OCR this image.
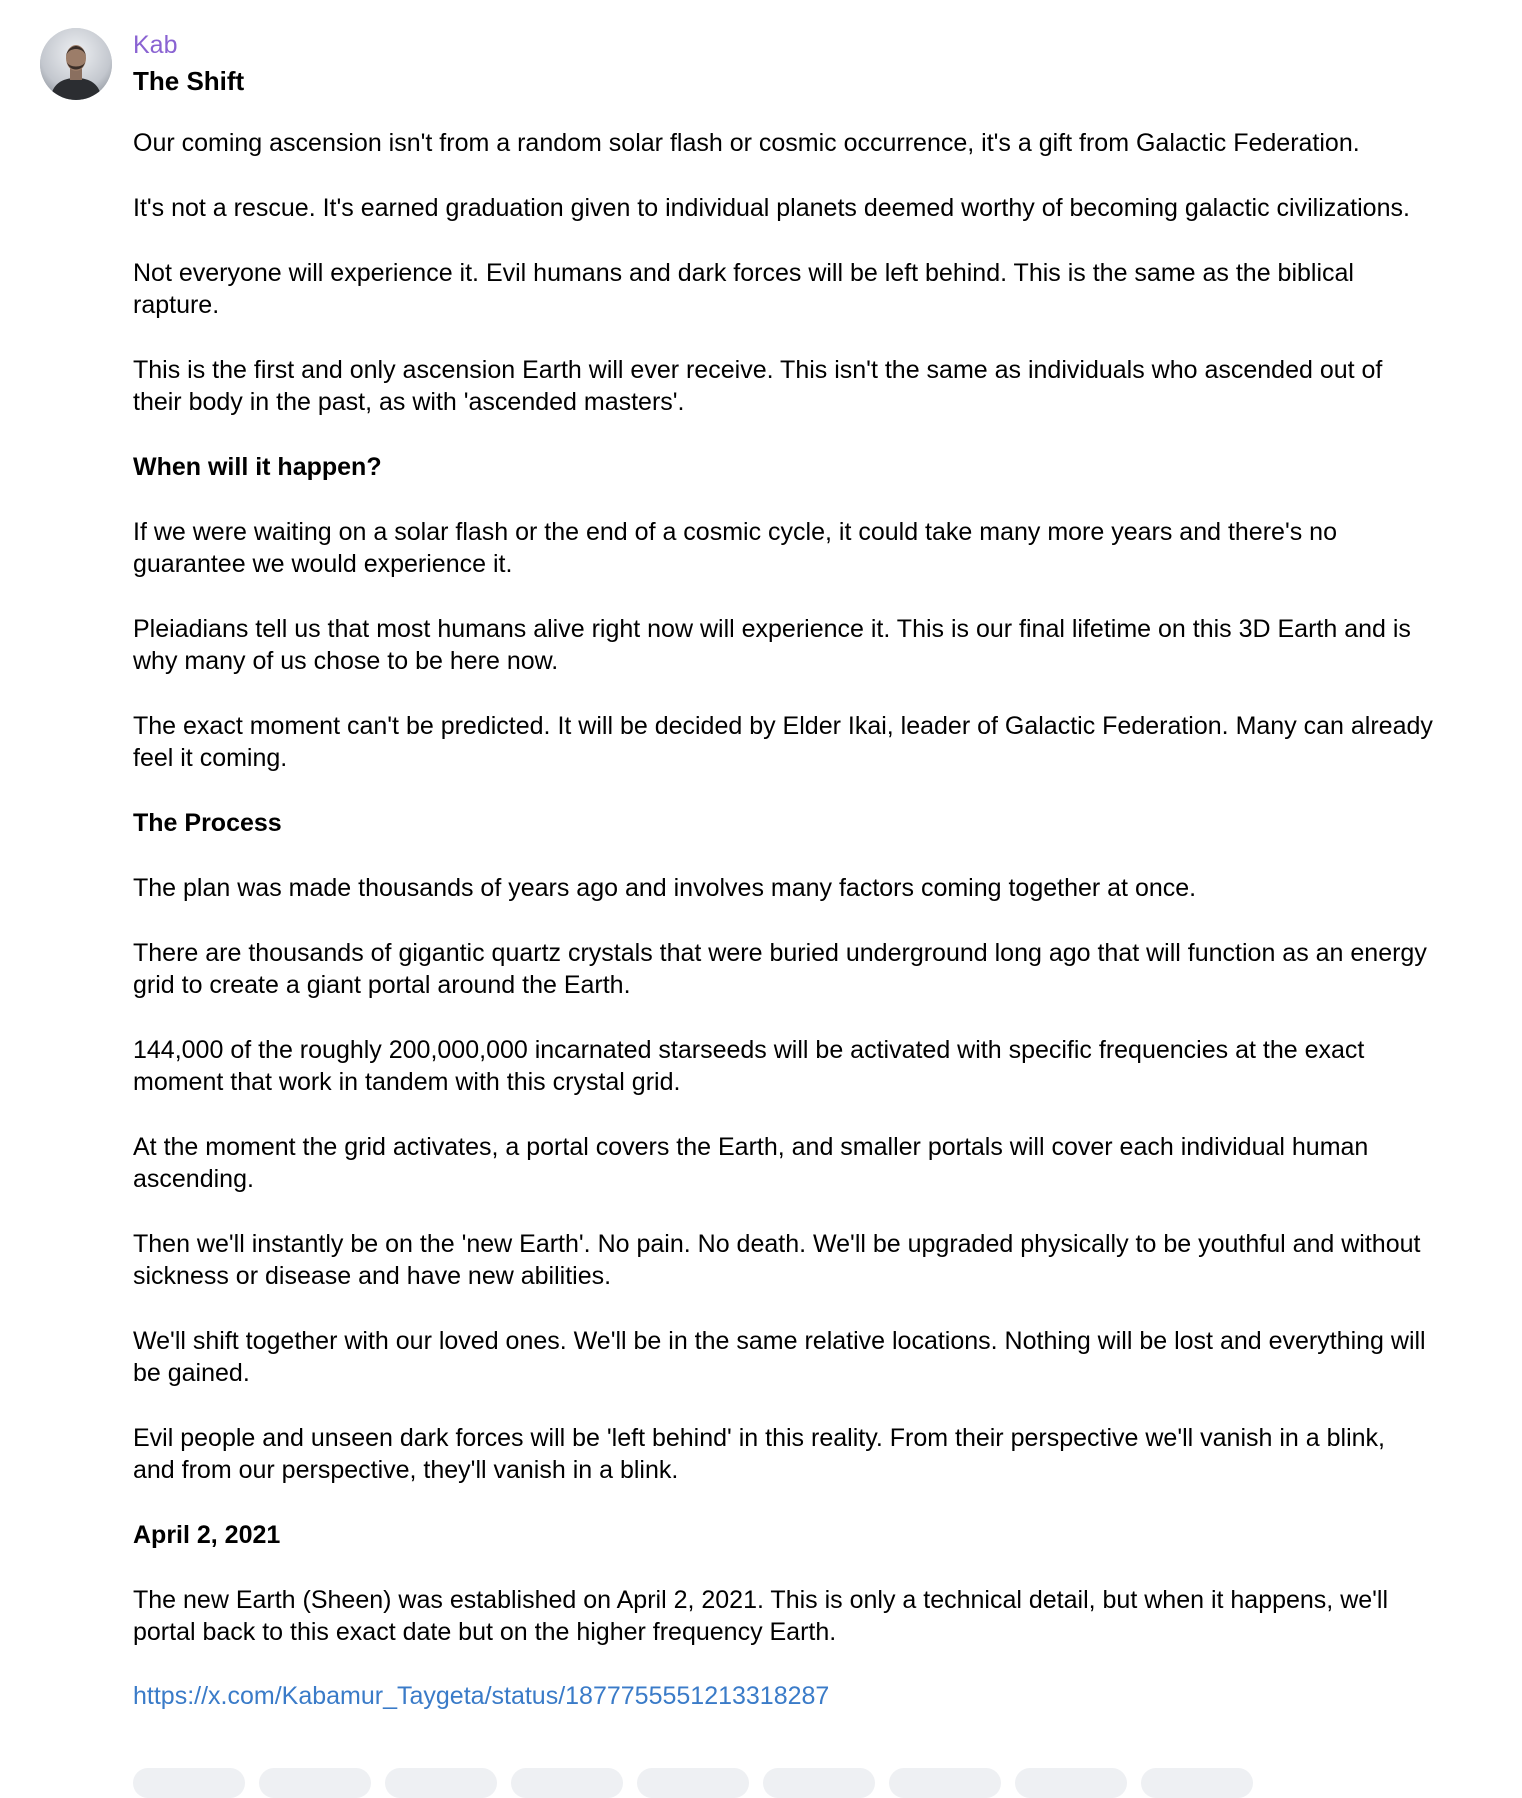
Kab
The Shift

Our coming ascension isn't from a random solar flash or cosmic occurrence, it's a gift from Galactic Federation.

It's not a rescue. It's earned graduation given to individual planets deemed worthy of becoming galactic civilizations.

Not everyone will experience it. Evil humans and dark forces will be left behind. This is the same as the biblical rapture.

This is the first and only ascension Earth will ever receive. This isn't the same as individuals who ascended out of their body in the past, as with 'ascended masters'.

When will it happen?

If we were waiting on a solar flash or the end of a cosmic cycle, it could take many more years and there's no guarantee we would experience it.

Pleiadians tell us that most humans alive right now will experience it. This is our final lifetime on this 3D Earth and is why many of us chose to be here now.

The exact moment can't be predicted. It will be decided by Elder Ikai, leader of Galactic Federation. Many can already feel it coming.

The Process

The plan was made thousands of years ago and involves many factors coming together at once.

There are thousands of gigantic quartz crystals that were buried underground long ago that will function as an energy grid to create a giant portal around the Earth.

144,000 of the roughly 200,000,000 incarnated starseeds will be activated with specific frequencies at the exact moment that work in tandem with this crystal grid.

At the moment the grid activates, a portal covers the Earth, and smaller portals will cover each individual human ascending.

Then we'll instantly be on the 'new Earth'. No pain. No death. We'll be upgraded physically to be youthful and without sickness or disease and have new abilities.

We'll shift together with our loved ones. We'll be in the same relative locations. Nothing will be lost and everything will be gained.

Evil people and unseen dark forces will be 'left behind' in this reality. From their perspective we'll vanish in a blink, and from our perspective, they'll vanish in a blink.

April 2, 2021

The new Earth (Sheen) was established on April 2, 2021. This is only a technical detail, but when it happens, we'll portal back to this exact date but on the higher frequency Earth.

https://x.com/Kabamur_Taygeta/status/1877755551213318287
